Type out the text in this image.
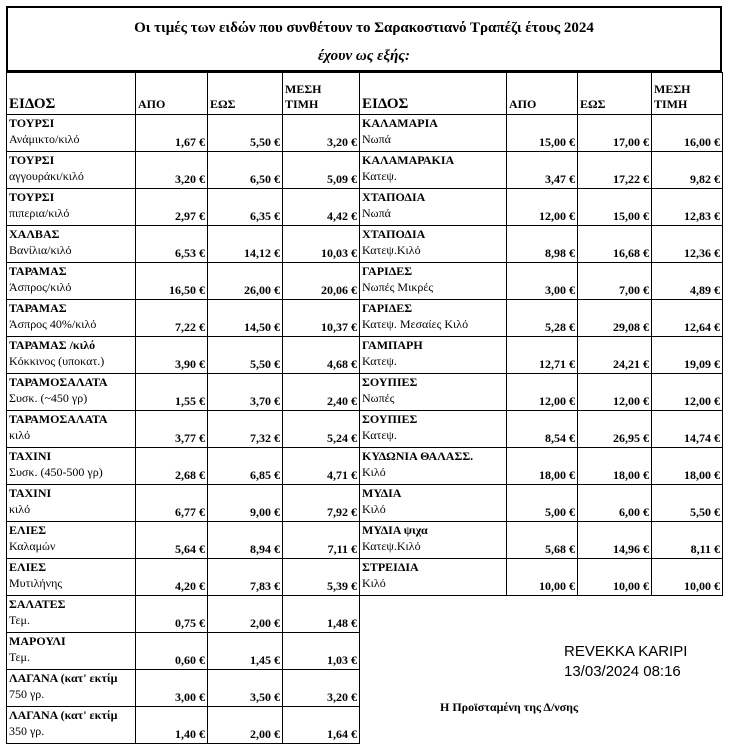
Οι τιμές των ειδών που συνθέτουν το Σαρακοστιανό Τραπέζι έτους 2024
έχουν ως εξής:
ΕΙΔΟΣ	ΑΠΟ	ΕΩΣ	ΜΕΣΗ ΤΙΜΗ

ΤΟΥΡΣΙ
Ανάμικτο/κιλό	1,67 €	5,50 €	3,20 €

ΤΟΥΡΣΙ
αγγουράκι/κιλό	3,20 €	6,50 €	5,09 €

ΤΟΥΡΣΙ
πιπερια/κιλό	2,97 €	6,35 €	4,42 €

ΧΑΛΒΑΣ
Βανίλια/κιλό	6,53 €	14,12 €	10,03 €

ΤΑΡΑΜΑΣ
Άσπρος/κιλό	16,50 €	26,00 €	20,06 €

ΤΑΡΑΜΑΣ
Άσπρος 40%/κιλό	7,22 €	14,50 €	10,37 €

ΤΑΡΑΜΑΣ /κιλό
Κόκκινος (υποκατ.)	3,90 €	5,50 €	4,68 €

ΤΑΡΑΜΟΣΑΛΑΤΑ
Συσκ. (~450 γρ)	1,55 €	3,70 €	2,40 €

ΤΑΡΑΜΟΣΑΛΑΤΑ
κιλό	3,77 €	7,32 €	5,24 €

ΤΑΧΙΝΙ
Συσκ. (450-500 γρ)	2,68 €	6,85 €	4,71 €

ΤΑΧΙΝΙ
κιλό	6,77 €	9,00 €	7,92 €

ΕΛΙΕΣ
Καλαμών	5,64 €	8,94 €	7,11 €

ΕΛΙΕΣ
Μυτιλήνης	4,20 €	7,83 €	5,39 €

ΣΑΛΑΤΕΣ
Τεμ.	0,75 €	2,00 €	1,48 €

ΜΑΡΟΥΛΙ
Τεμ.	0,60 €	1,45 €	1,03 €

ΛΑΓΑΝΑ (κατ' εκτίμ
750 γρ.	3,00 €	3,50 €	3,20 €

ΛΑΓΑΝΑ (κατ' εκτίμ
350 γρ.	1,40 €	2,00 €	1,64 €
ΕΙΔΟΣ	ΑΠΟ	ΕΩΣ	ΜΕΣΗ ΤΙΜΗ

ΚΑΛΑΜΑΡΙΑ
Νωπά	15,00 €	17,00 €	16,00 €

ΚΑΛΑΜΑΡΑΚΙΑ
Κατεψ.	3,47 €	17,22 €	9,82 €

ΧΤΑΠΟΔΙΑ
Νωπά	12,00 €	15,00 €	12,83 €

ΧΤΑΠΟΔΙΑ
Κατεψ.Κιλό	8,98 €	16,68 €	12,36 €

ΓΑΡΙΔΕΣ
Νωπές Μικρές	3,00 €	7,00 €	4,89 €

ΓΑΡΙΔΕΣ
Κατεψ. Μεσαίες Κιλό	5,28 €	29,08 €	12,64 €

ΓΑΜΠΑΡΗ
Κατεψ.	12,71 €	24,21 €	19,09 €

ΣΟΥΠΙΕΣ
Νωπές	12,00 €	12,00 €	12,00 €

ΣΟΥΠΙΕΣ
Κατεψ.	8,54 €	26,95 €	14,74 €

ΚΥΔΩΝΙΑ ΘΑΛΑΣΣ.
Κιλό	18,00 €	18,00 €	18,00 €

ΜΥΔΙΑ
Κιλό	5,00 €	6,00 €	5,50 €

ΜΥΔΙΑ ψιχα
Κατεψ.Κιλό	5,68 €	14,96 €	8,11 €

ΣΤΡΕΙΔΙΑ
Κιλό	10,00 €	10,00 €	10,00 €
REVEKKA KARIPI
13/03/2024 08:16
Η Προϊσταμένη της Δ/νσης
